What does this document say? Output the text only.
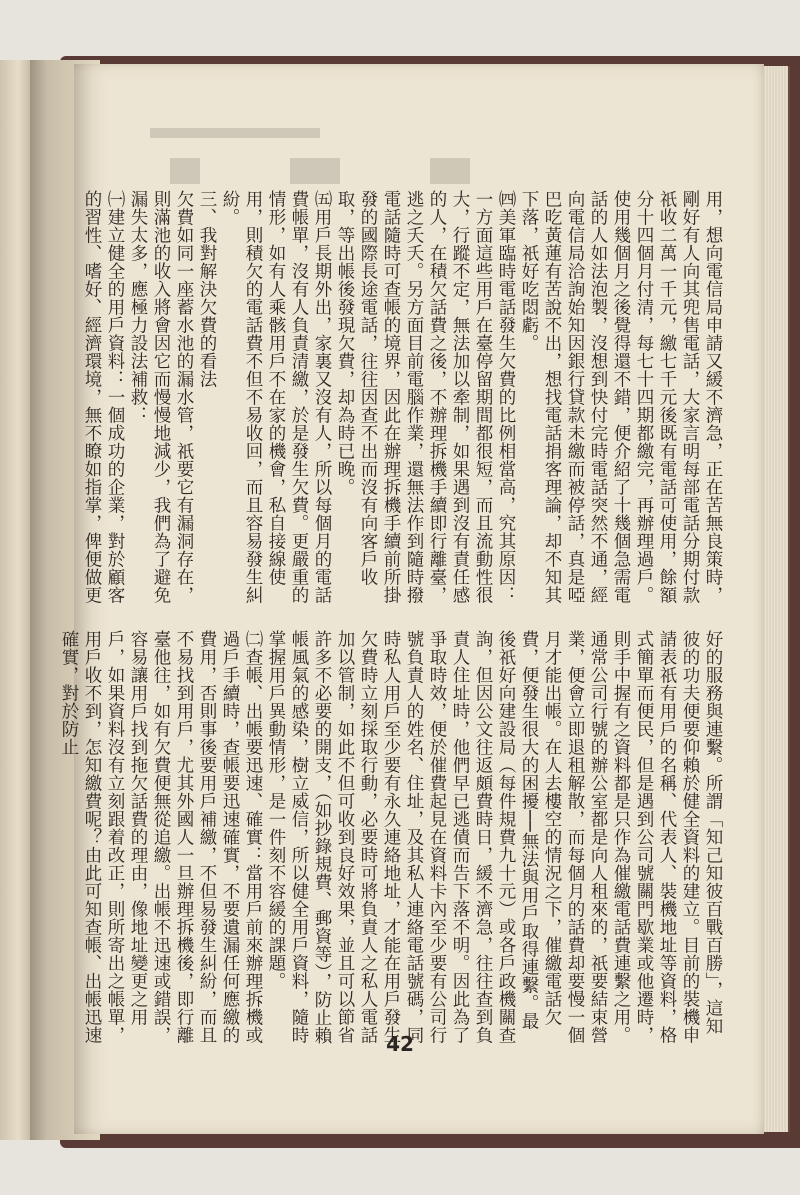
用，想向電信局申請又緩不濟急，正在苦無良策時，剛好有人向其兜售電話，大家言明每部電話分期付款祇收二萬一千元，繳七千元後既有電話可使用，餘額分十四個月付清，每七十四期都繳完，再辦理過戶。使用幾個月之後覺得還不錯，便介紹了十幾個急需電話的人如法泡製，沒想到快付完時電話突然不通，經向電信局洽詢始知因銀行貸款未繳而被停話，真是啞巴吃黃蓮有苦說不出，想找電話捐客理論，却不知其下落，祇好吃悶虧。
㈣美軍臨時電話發生欠費的比例相當高，究其原因：一方面這些用戶在臺停留期間都很短，而且流動性很大，行蹤不定，無法加以牽制，如果遇到沒有責任感的人，在積欠話費之後，不辦理拆機手續即行離臺，逃之夭夭。另方面目前電腦作業，還無法作到隨時撥電話隨時可查帳的境界，因此在辦理拆機手續前所掛發的國際長途電話，往往因查不出而沒有向客戶收取，等出帳後發現欠費，却為時已晚。
㈤用戶長期外出，家裏又沒有人，所以每個月的電話費帳單，沒有人負責清繳，於是發生欠費。更嚴重的情形，如有人乘骸用戶不在家的機會，私自接線使用，則積欠的電話費不但不易收回，而且容易發生糾紛。
三、我對解決欠費的看法
欠費如同一座蓄水池的漏水管，祇要它有漏洞存在，則滿池的收入將會因它而慢慢地減少，我們為了避免漏失太多，應極力設法補救：
㈠建立健全的用戶資料：一個成功的企業，對於顧客的習性、嗜好、經濟環境，無不瞭如指掌，俾便做更
好的服務與連繫。所謂「知己知彼百戰百勝」，這知彼的功夫便要仰賴於健全資料的建立。目前的裝機申請表祇有用戶的名稱、代表人、裝機地址等資料，格式簡單而便民，但是遇到公司號關門歇業或他遷時，則手中握有之資料都是只作為催繳電話費連繫之用。通常公司行號的辦公室都是向人租來的，祇要結束營業，便會立即退租解散，而每個月的話費却要慢一個月才能出帳。在人去樓空的情況之下，催繳電話欠費，便發生很大的困擾──無法與用戶取得連繫。最後祇好向建設局（每件規費九十元）或各戶政機關查詢，但因公文往返頗費時日，緩不濟急，往往查到負責人住址時，他們早已逃債而告下落不明。因此為了爭取時效，便於催費起見在資料卡內至少要有公司行號負責人的姓名、住址，及其私人連絡電話號碼，同時私人用戶至少要有永久連絡地址，才能在用戶發生欠費時立刻採取行動，必要時可將負責人之私人電話加以管制，如此不但可收到良好效果，並且可以節省許多不必要的開支，（如抄錄規費、郵資等），防止賴帳風氣的感染，樹立威信，所以健全用戶資料，隨時掌握用戶異動情形，是一件刻不容緩的課題。
㈡查帳、出帳要迅速、確實：當用戶前來辦理拆機或過戶手續時，查帳要迅速確實，不要遺漏任何應繳的費用，否則事後要用戶補繳，不但易發生糾紛，而且不易找到用戶，尤其外國人一旦辦理拆機後，即行離臺他往，如有欠費便無從追繳。出帳不迅速或錯誤，容易讓用戶找到拖欠話費的理由，像地址變更之用戶，如果資料沒有立刻跟着改正，則所寄出之帳單，用戶收不到，怎知繳費呢？由此可知查帳、出帳迅速確實，對於防止
42
